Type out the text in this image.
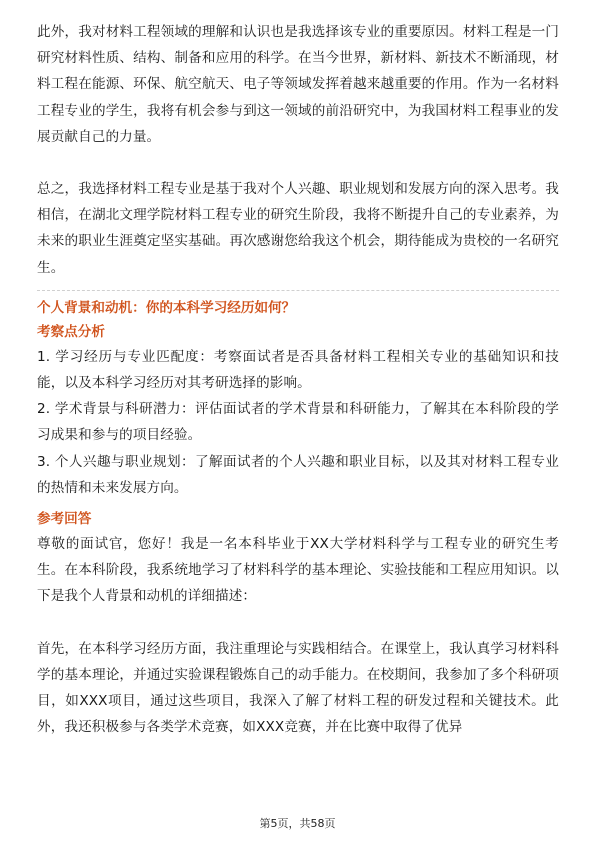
此外，我对材料工程领域的理解和认识也是我选择该专业的重要原因。材料工程是一门研究材料性质、结构、制备和应用的科学。在当今世界，新材料、新技术不断涌现，材料工程在能源、环保、航空航天、电子等领域发挥着越来越重要的作用。作为一名材料工程专业的学生，我将有机会参与到这一领域的前沿研究中，为我国材料工程事业的发展贡献自己的力量。

总之，我选择材料工程专业是基于我对个人兴趣、职业规划和发展方向的深入思考。我相信，在湖北文理学院材料工程专业的研究生阶段，我将不断提升自己的专业素养，为未来的职业生涯奠定坚实基础。再次感谢您给我这个机会，期待能成为贵校的一名研究生。

个人背景和动机：你的本科学习经历如何？

考察点分析

1. 学习经历与专业匹配度：考察面试者是否具备材料工程相关专业的基础知识和技能，以及本科学习经历对其考研选择的影响。

2. 学术背景与科研潜力：评估面试者的学术背景和科研能力，了解其在本科阶段的学习成果和参与的项目经验。

3. 个人兴趣与职业规划：了解面试者的个人兴趣和职业目标，以及其对材料工程专业的热情和未来发展方向。

参考回答

尊敬的面试官，您好！我是一名本科毕业于XX大学材料科学与工程专业的研究生考生。在本科阶段，我系统地学习了材料科学的基本理论、实验技能和工程应用知识。以下是我个人背景和动机的详细描述：

首先，在本科学习经历方面，我注重理论与实践相结合。在课堂上，我认真学习材料科学的基本理论，并通过实验课程锻炼自己的动手能力。在校期间，我参加了多个科研项目，如XXX项目，通过这些项目，我深入了解了材料工程的研发过程和关键技术。此外，我还积极参与各类学术竞赛，如XXX竞赛，并在比赛中取得了优异

第5页，共58页
